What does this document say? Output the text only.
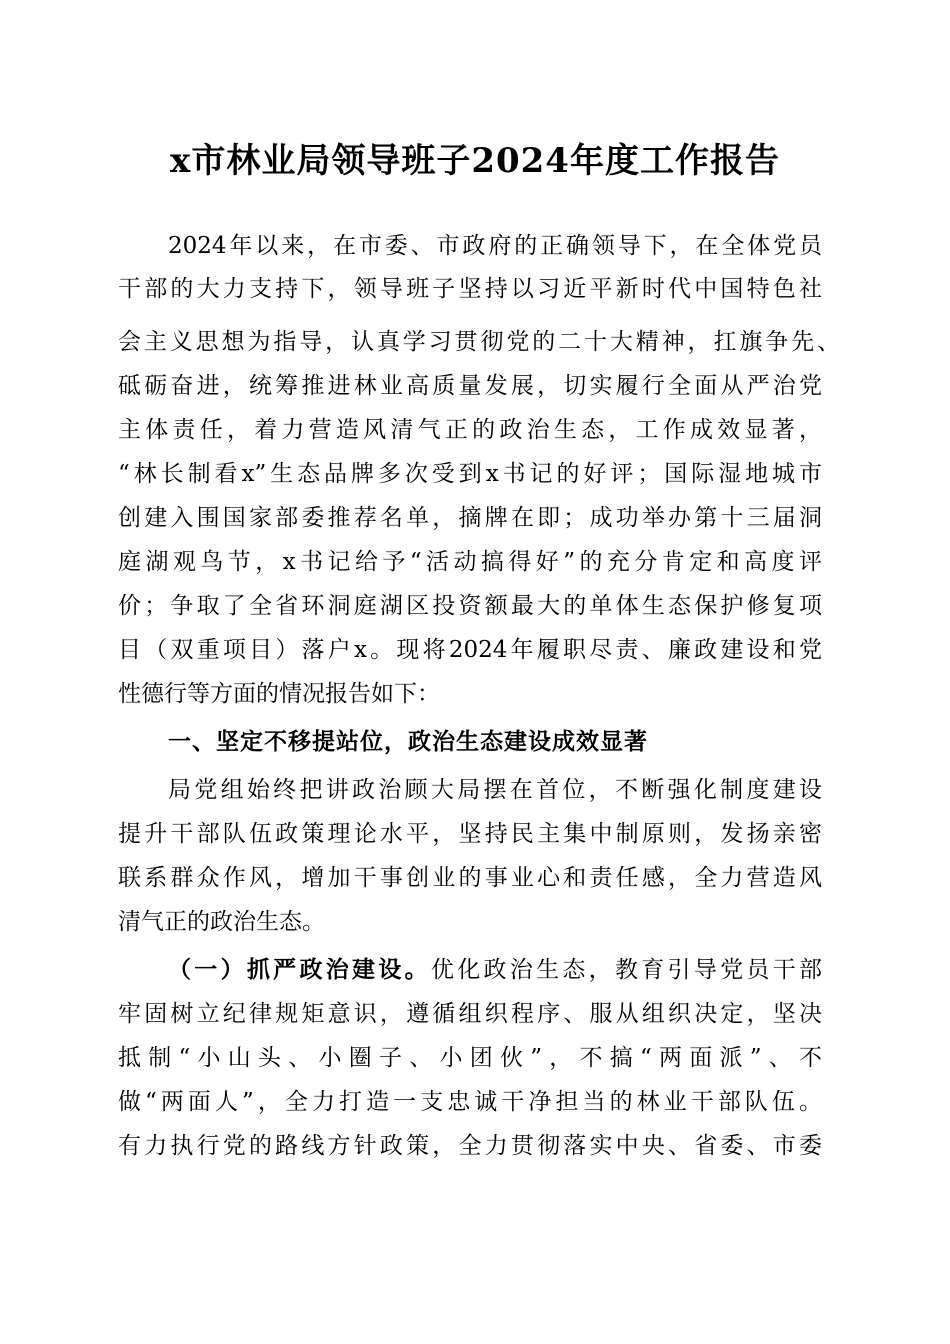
x市林业局领导班子2024年度工作报告

2024年以来，在市委、市政府的正确领导下，在全体党员

干部的大力支持下，领导班子坚持以习近平新时代中国特色社

会主义思想为指导，认真学习贯彻党的二十大精神，扛旗争先、

砥砺奋进，统筹推进林业高质量发展，切实履行全面从严治党

主体责任，着力营造风清气正的政治生态，工作成效显著，

“林长制看x”生态品牌多次受到x书记的好评；国际湿地城市

创建入围国家部委推荐名单，摘牌在即；成功举办第十三届洞

庭湖观鸟节，x书记给予“活动搞得好”的充分肯定和高度评

价；争取了全省环洞庭湖区投资额最大的单体生态保护修复项

目（双重项目）落户x。现将2024年履职尽责、廉政建设和党

性德行等方面的情况报告如下：

一、坚定不移提站位，政治生态建设成效显著

局党组始终把讲政治顾大局摆在首位，不断强化制度建设

提升干部队伍政策理论水平，坚持民主集中制原则，发扬亲密

联系群众作风，增加干事创业的事业心和责任感，全力营造风

清气正的政治生态。

（一）抓严政治建设。优化政治生态，教育引导党员干部

牢固树立纪律规矩意识，遵循组织程序、服从组织决定，坚决

抵制“小山头、小圈子、小团伙”，不搞“两面派”、不

做“两面人”，全力打造一支忠诚干净担当的林业干部队伍。

有力执行党的路线方针政策，全力贯彻落实中央、省委、市委
